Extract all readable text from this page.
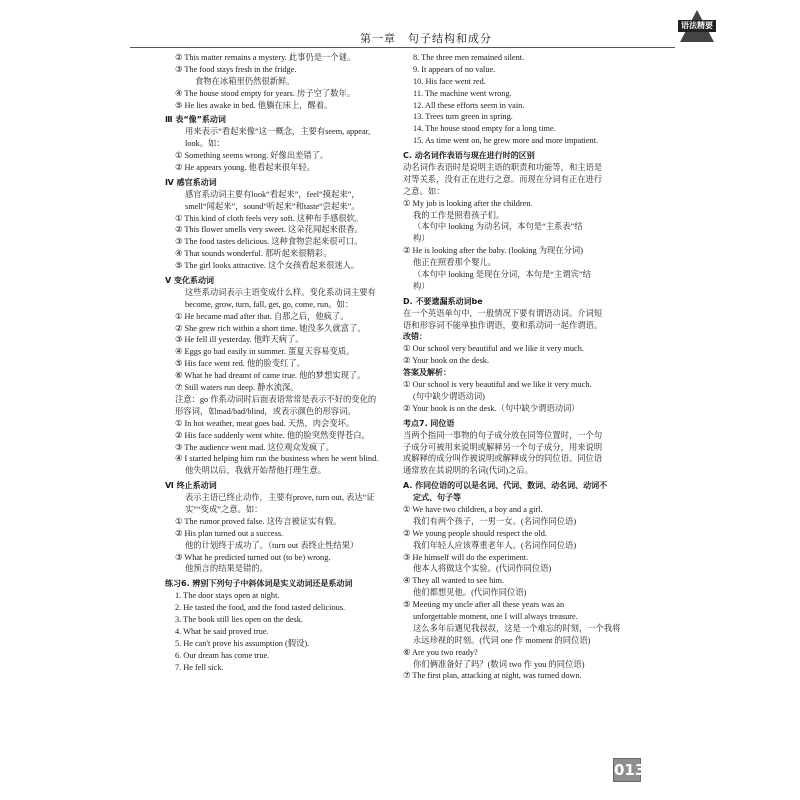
第一章　句子结构和成分
语法精要
② This matter remains a mystery. 此事仍是一个谜。
③ The food stays fresh in the fridge.
食物在冰箱里仍然很新鲜。
④ The house stood empty for years. 房子空了数年。
⑤ He lies awake in bed. 他躺在床上，醒着。
Ⅲ 表“像”系动词
用来表示“看起来像”这一概念，主要有seem, appear,
look。如：
① Something seems wrong. 好像出差错了。
② He appears young. 他看起来很年轻。
Ⅳ 感官系动词
感官系动词主要有look“看起来”，feel“摸起来”，
smell“闻起来”，sound“听起来”和taste“尝起来”。
① This kind of cloth feels very soft. 这种布手感很软。
② This flower smells very sweet. 这朵花闻起来很香。
③ The food tastes delicious. 这种食物尝起来很可口。
④ That sounds wonderful. 那听起来很精彩。
⑤ The girl looks attractive. 这个女孩看起来很迷人。
Ⅴ 变化系动词
这些系动词表示主语变成什么样。变化系动词主要有
become, grow, turn, fall, get, go, come, run。如：
① He became mad after that. 自那之后，他疯了。
② She grew rich within a short time. 她没多久就富了。
③ He fell ill yesterday. 他昨天病了。
④ Eggs go bad easily in summer. 蛋夏天容易变质。
⑤ His face went red. 他的脸变红了。
⑥ What he had dreamt of came true. 他的梦想实现了。
⑦ Still waters run deep. 静水流深。
注意：go 作系动词时后面表语常常是表示不好的变化的
形容词，如mad/bad/blind，或表示颜色的形容词。
① In hot weather, meat goes bad. 天热，肉会变坏。
② His face suddenly went white. 他的脸突然变得苍白。
③ The audience went mad. 这位观众发疯了。
④ I started helping him run the business when he went blind.
他失明以后，我就开始帮他打理生意。
Ⅵ 终止系动词
表示主语已终止动作，主要有prove, turn out, 表达“证
实”“变成”之意。如：
① The rumor proved false. 这传言被证实有假。
② His plan turned out a success.
他的计划终于成功了。（turn out 表终止性结果）
③ What he predicted turned out (to be) wrong.
他预言的结果是错的。
练习6. 辨别下列句子中斜体词是实义动词还是系动词
1. The door stays open at night.
2. He tasted the food, and the food tasted delicious.
3. The book still lies open on the desk.
4. What he said proved true.
5. He can't prove his assumption (假设).
6. Our dream has come true.
7. He fell sick.
8. The three men remained silent.
9. It appears of no value.
10. His face went red.
11. The machine went wrong.
12. All these efforts seem in vain.
13. Trees turn green in spring.
14. The house stood empty for a long time.
15. As time went on, he grew more and more impatient.
C. 动名词作表语与现在进行时的区别
动名词作表语时是说明主语的职责和功能等，和主语是
对等关系，没有正在进行之意。而现在分词有正在进行
之意。如：
① My job is looking after the children.
我的工作是照看孩子们。
（本句中 looking 为动名词，本句是“主系表”结
构）
② He is looking after the baby. (looking 为现在分词)
他正在照看那个婴儿。
（本句中 looking 是现在分词，本句是“主谓宾”结
构）
D. 不要遗漏系动词be
在一个英语单句中，一般情况下要有谓语动词。介词短
语和形容词不能单独作谓语，要和系动词一起作谓语。
改错：
① Our school very beautiful and we like it very much.
② Your book on the desk.
答案及解析：
① Our school is very beautiful and we like it very much.
(句中缺少谓语动词)
② Your book is on the desk.（句中缺少谓语动词）
考点7. 同位语
当两个指同一事物的句子成分放在同等位置时，一个句
子成分可被用来说明或解释另一个句子成分，用来说明
或解释的成分叫作被说明或解释成分的同位语。同位语
通常放在其说明的名词(代词)之后。
A. 作同位语的可以是名词、代词、数词、动名词、动词不
定式、句子等
① We have two children, a boy and a girl.
我们有两个孩子，一男一女。(名词作同位语)
② We young people should respect the old.
我们年轻人应该尊重老年人。(名词作同位语)
③ He himself will do the experiment.
他本人将做这个实验。(代词作同位语)
④ They all wanted to see him.
他们都想见他。(代词作同位语)
⑤ Meeting my uncle after all these years was an
unforgettable moment, one I will always treasure.
这么多年后遇见我叔叔，这是一个难忘的时刻，一个我将
永远珍视的时刻。(代词 one 作 moment 的同位语)
⑥ Are you two ready?
你们俩准备好了吗？(数词 two 作 you 的同位语)
⑦ The first plan, attacking at night, was turned down.
013
